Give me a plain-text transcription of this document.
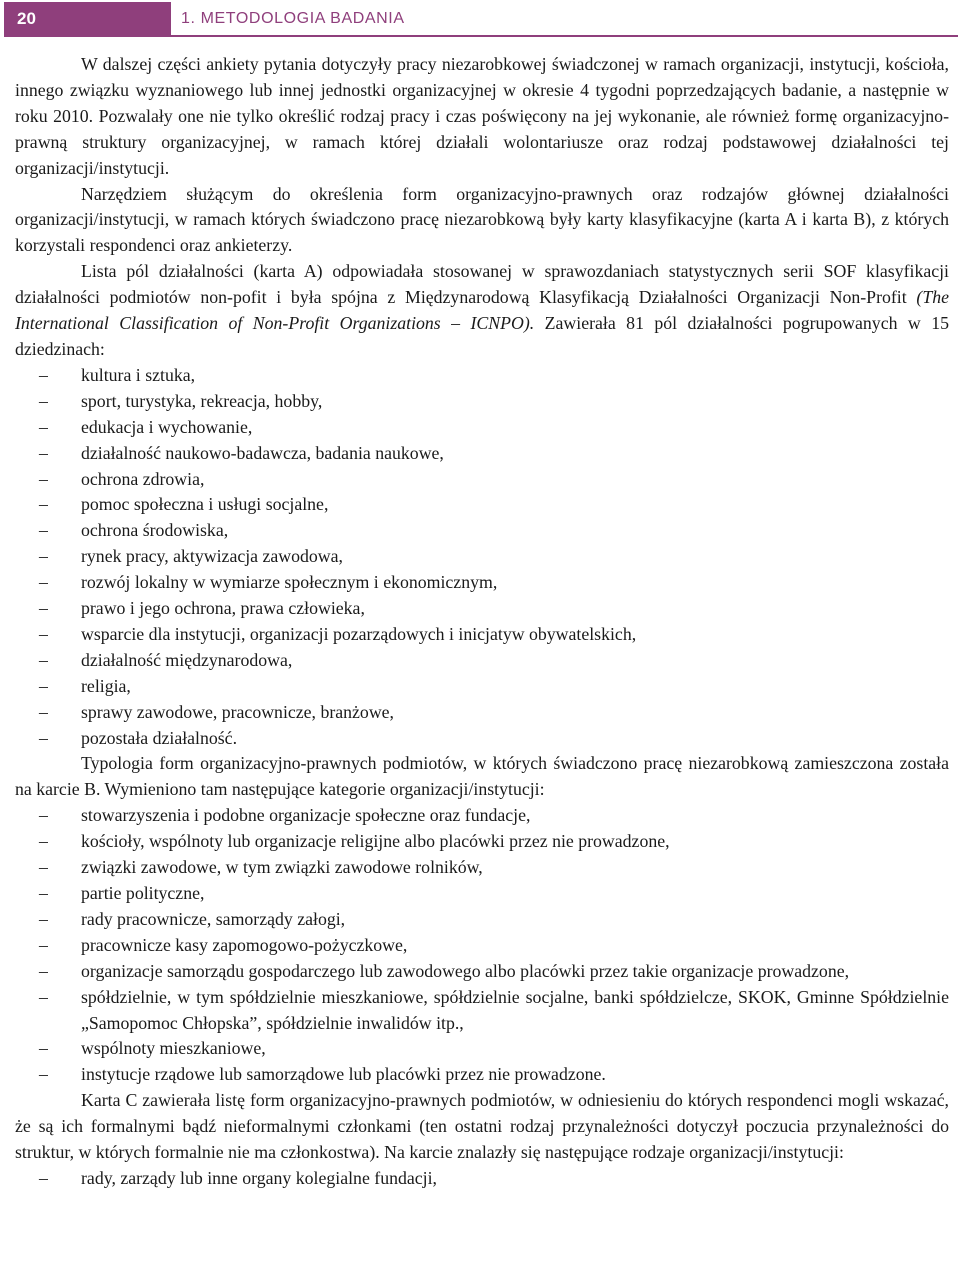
20	1. METODOLOGIA BADANIA

W dalszej części ankiety pytania dotyczyły pracy niezarobkowej świadczonej w ramach organizacji, instytucji, kościoła, innego związku wyznaniowego lub innej jednostki organizacyjnej w okresie 4 tygodni poprzedzających badanie, a następnie w roku 2010. Pozwalały one nie tylko określić rodzaj pracy i czas poświęcony na jej wykonanie, ale również formę organizacyjno-prawną struktury organizacyjnej, w ramach której działali wolontariusze oraz rodzaj podstawowej działalności tej organizacji/instytucji.

Narzędziem służącym do określenia form organizacyjno-prawnych oraz rodzajów głównej działalności organizacji/instytucji, w ramach których świadczono pracę niezarobkową były karty klasyfikacyjne (karta A i karta B), z których korzystali respondenci oraz ankieterzy.

Lista pól działalności (karta A) odpowiadała stosowanej w sprawozdaniach statystycznych serii SOF klasyfikacji działalności podmiotów non-pofit i była spójna z Międzynarodową Klasyfikacją Działalności Organizacji Non-Profit (The International Classification of Non-Profit Organizations – ICNPO). Zawierała 81 pól działalności pogrupowanych w 15 dziedzinach:

– kultura i sztuka,
– sport, turystyka, rekreacja, hobby,
– edukacja i wychowanie,
– działalność naukowo-badawcza, badania naukowe,
– ochrona zdrowia,
– pomoc społeczna i usługi socjalne,
– ochrona środowiska,
– rynek pracy, aktywizacja zawodowa,
– rozwój lokalny w wymiarze społecznym i ekonomicznym,
– prawo i jego ochrona, prawa człowieka,
– wsparcie dla instytucji, organizacji pozarządowych i inicjatyw obywatelskich,
– działalność międzynarodowa,
– religia,
– sprawy zawodowe, pracownicze, branżowe,
– pozostała działalność.

Typologia form organizacyjno-prawnych podmiotów, w których świadczono pracę niezarobkową zamieszczona została na karcie B. Wymieniono tam następujące kategorie organizacji/instytucji:

– stowarzyszenia i podobne organizacje społeczne oraz fundacje,
– kościoły, wspólnoty lub organizacje religijne albo placówki przez nie prowadzone,
– związki zawodowe, w tym związki zawodowe rolników,
– partie polityczne,
– rady pracownicze, samorządy załogi,
– pracownicze kasy zapomogowo-pożyczkowe,
– organizacje samorządu gospodarczego lub zawodowego albo placówki przez takie organizacje prowadzone,
– spółdzielnie, w tym spółdzielnie mieszkaniowe, spółdzielnie socjalne, banki spółdzielcze, SKOK, Gminne Spółdzielnie „Samopomoc Chłopska”, spółdzielnie inwalidów itp.,
– wspólnoty mieszkaniowe,
– instytucje rządowe lub samorządowe lub placówki przez nie prowadzone.

Karta C zawierała listę form organizacyjno-prawnych podmiotów, w odniesieniu do których respondenci mogli wskazać, że są ich formalnymi bądź nieformalnymi członkami (ten ostatni rodzaj przynależności dotyczył poczucia przynależności do struktur, w których formalnie nie ma członkostwa). Na karcie znalazły się następujące rodzaje organizacji/instytucji:

– rady, zarządy lub inne organy kolegialne fundacji,
